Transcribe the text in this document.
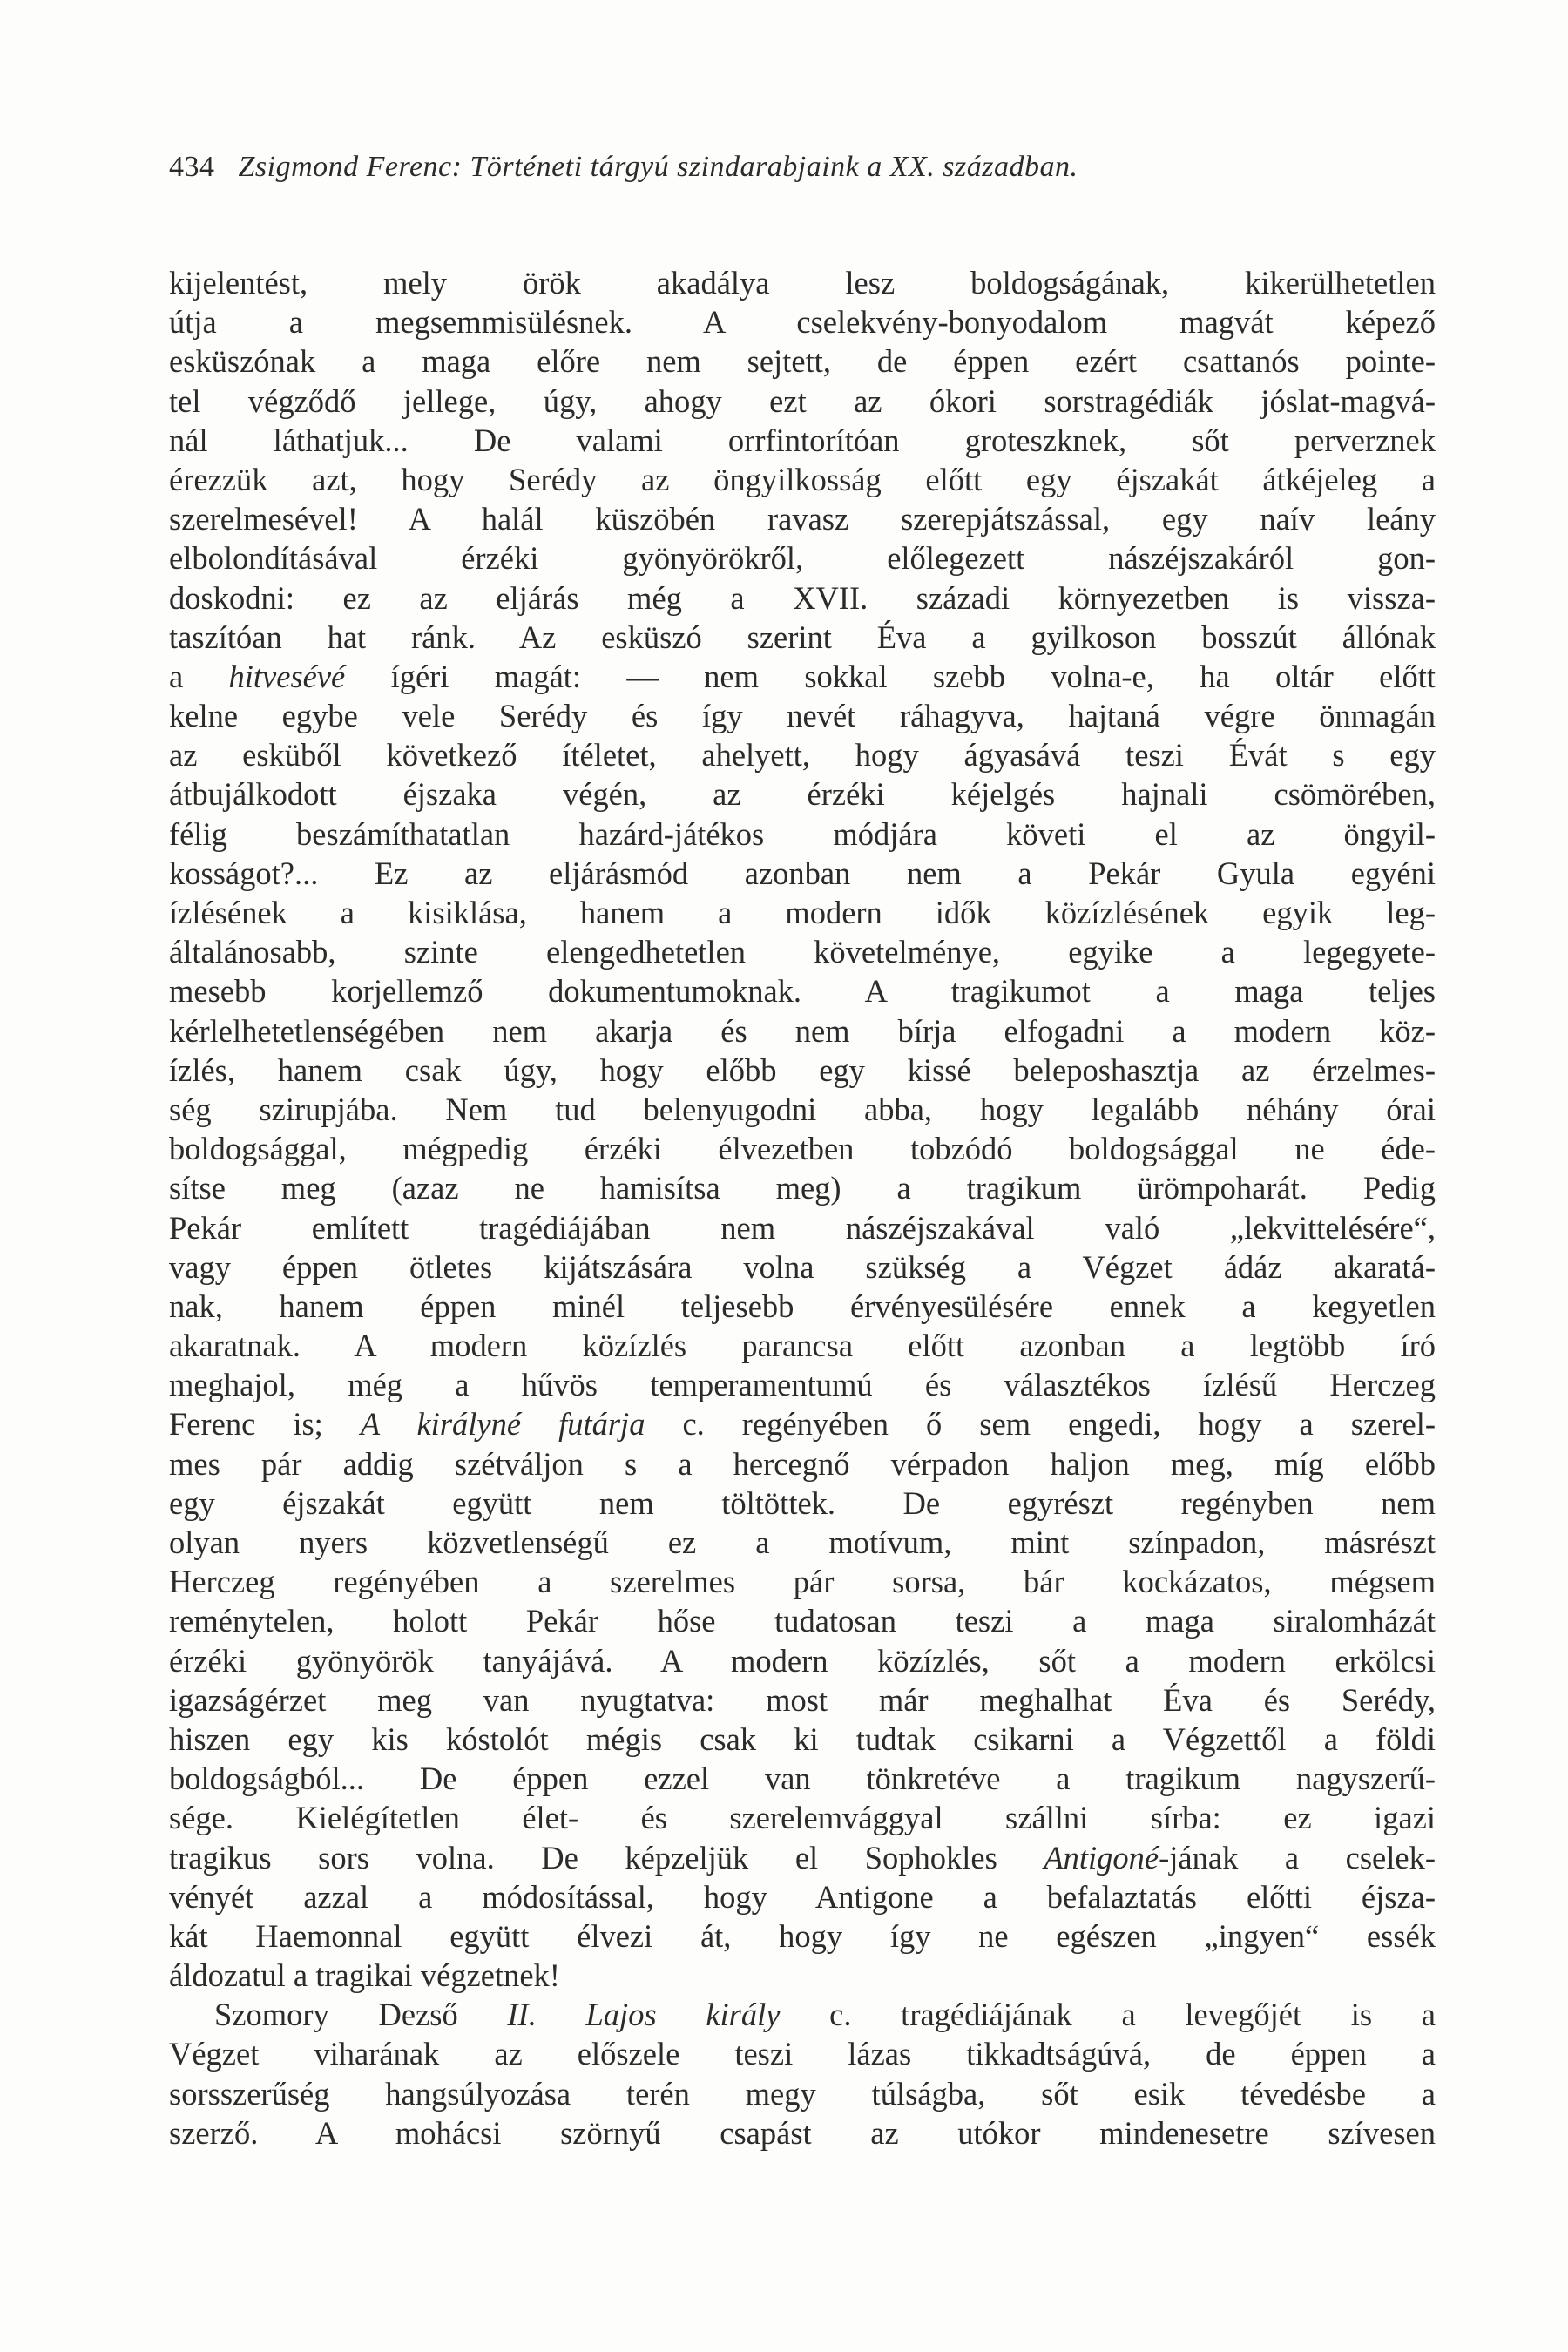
434 Zsigmond Ferenc: Történeti tárgyú szindarabjaink a XX. században.
kijelentést, mely örök akadálya lesz boldogságának, kikerülhetetlen
útja a megsemmisülésnek. A cselekvény-bonyodalom magvát képező
esküszónak a maga előre nem sejtett, de éppen ezért csattanós pointe-
tel végződő jellege, úgy, ahogy ezt az ókori sorstragédiák jóslat-magvá-
nál láthatjuk... De valami orrfintorítóan groteszknek, sőt perverznek
érezzük azt, hogy Serédy az öngyilkosság előtt egy éjszakát átkéjeleg a
szerelmesével! A halál küszöbén ravasz szerepjátszással, egy naív leány
elbolondításával érzéki gyönyörökről, előlegezett nászéjszakáról gon-
doskodni: ez az eljárás még a XVII. századi környezetben is vissza-
taszítóan hat ránk. Az esküszó szerint Éva a gyilkoson bosszút állónak
a hitvesévé ígéri magát: — nem sokkal szebb volna-e, ha oltár előtt
kelne egybe vele Serédy és így nevét ráhagyva, hajtaná végre önmagán
az esküből következő ítéletet, ahelyett, hogy ágyasává teszi Évát s egy
átbujálkodott éjszaka végén, az érzéki kéjelgés hajnali csömörében,
félig beszámíthatatlan hazárd-játékos módjára követi el az öngyil-
kosságot?... Ez az eljárásmód azonban nem a Pekár Gyula egyéni
ízlésének a kisiklása, hanem a modern idők közízlésének egyik leg-
általánosabb, szinte elengedhetetlen követelménye, egyike a legegyete-
mesebb korjellemző dokumentumoknak. A tragikumot a maga teljes
kérlelhetetlenségében nem akarja és nem bírja elfogadni a modern köz-
ízlés, hanem csak úgy, hogy előbb egy kissé beleposhasztja az érzelmes-
ség szirupjába. Nem tud belenyugodni abba, hogy legalább néhány órai
boldogsággal, mégpedig érzéki élvezetben tobzódó boldogsággal ne éde-
sítse meg (azaz ne hamisítsa meg) a tragikum ürömpoharát. Pedig
Pekár említett tragédiájában nem nászéjszakával való „lekvittelésére“,
vagy éppen ötletes kijátszására volna szükség a Végzet ádáz akaratá-
nak, hanem éppen minél teljesebb érvényesülésére ennek a kegyetlen
akaratnak. A modern közízlés parancsa előtt azonban a legtöbb író
meghajol, még a hűvös temperamentumú és választékos ízlésű Herczeg
Ferenc is; A királyné futárja c. regényében ő sem engedi, hogy a szerel-
mes pár addig szétváljon s a hercegnő vérpadon haljon meg, míg előbb
egy éjszakát együtt nem töltöttek. De egyrészt regényben nem
olyan nyers közvetlenségű ez a motívum, mint színpadon, másrészt
Herczeg regényében a szerelmes pár sorsa, bár kockázatos, mégsem
reménytelen, holott Pekár hőse tudatosan teszi a maga siralomházát
érzéki gyönyörök tanyájává. A modern közízlés, sőt a modern erkölcsi
igazságérzet meg van nyugtatva: most már meghalhat Éva és Serédy,
hiszen egy kis kóstolót mégis csak ki tudtak csikarni a Végzettől a földi
boldogságból... De éppen ezzel van tönkretéve a tragikum nagyszerű-
sége. Kielégítetlen élet- és szerelemvággyal szállni sírba: ez igazi
tragikus sors volna. De képzeljük el Sophokles Antigoné-jának a cselek-
vényét azzal a módosítással, hogy Antigone a befalaztatás előtti éjsza-
kát Haemonnal együtt élvezi át, hogy így ne egészen „ingyen“ essék
áldozatul a tragikai végzetnek!
Szomory Dezső II. Lajos király c. tragédiájának a levegőjét is a
Végzet viharának az előszele teszi lázas tikkadtságúvá, de éppen a
sorsszerűség hangsúlyozása terén megy túlságba, sőt esik tévedésbe a
szerző. A mohácsi szörnyű csapást az utókor mindenesetre szívesen
